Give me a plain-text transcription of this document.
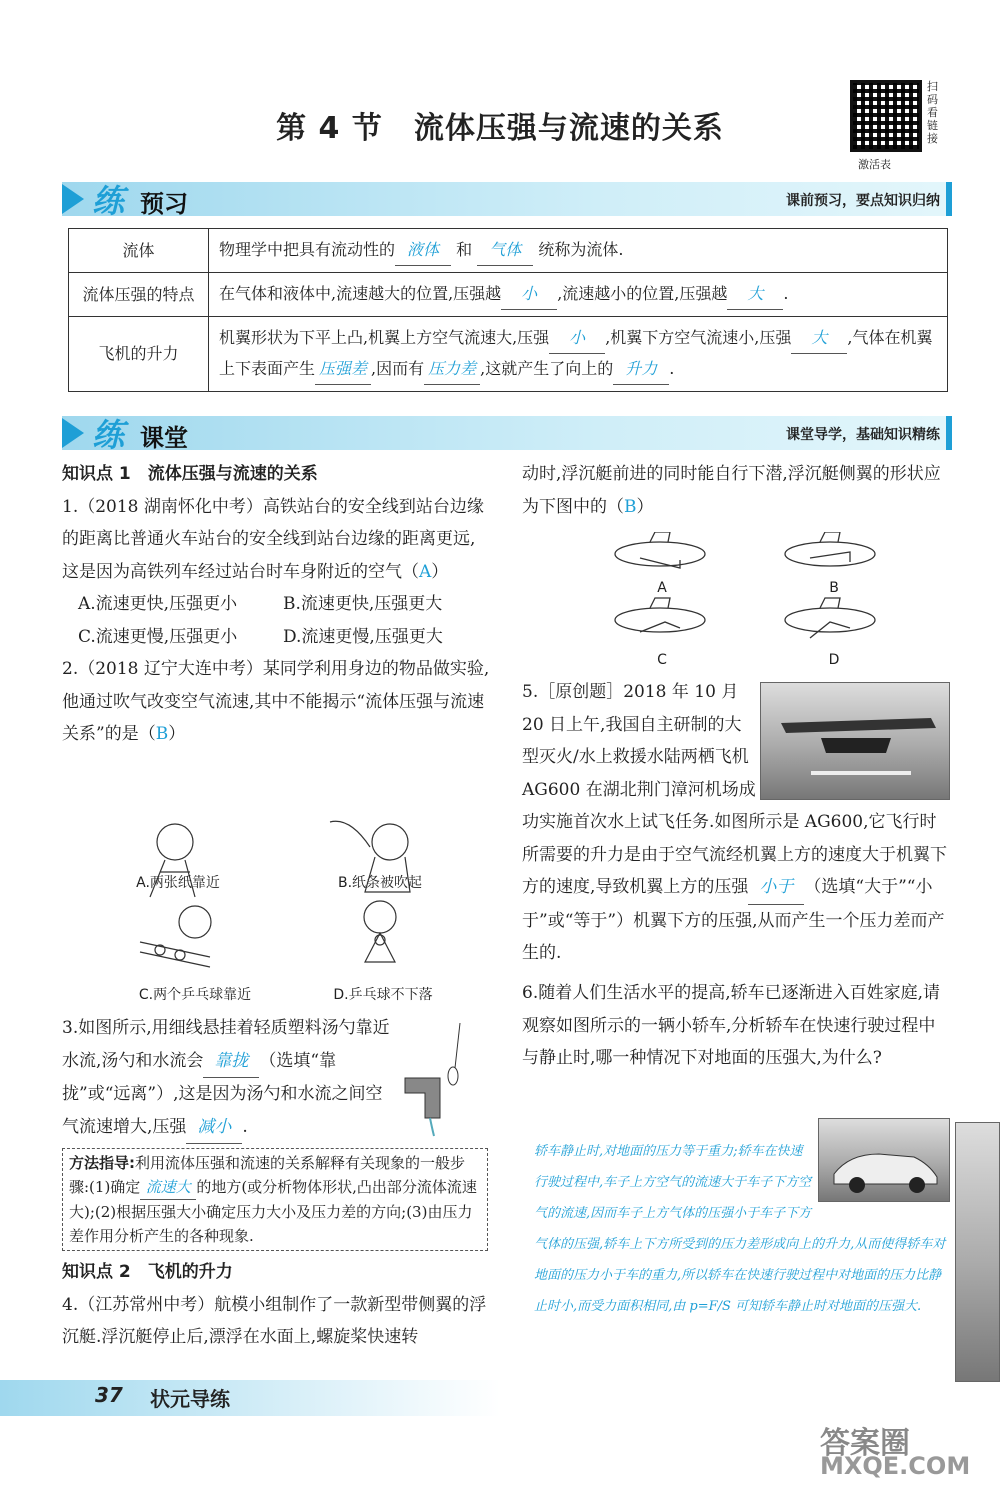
第 4 节　流体压强与流速的关系
扫码看链接
激活表
练 预习	课前预习，要点知识归纳
流体	物理学中把具有流动性的 液体 和 气体 统称为流体.
流体压强的特点	在气体和液体中,流速越大的位置,压强越 小 ,流速越小的位置,压强越 大 .
飞机的升力	机翼形状为下平上凸,机翼上方空气流速大,压强 小 ,机翼下方空气流速小,压强 大 ,气体在机翼上下表面产生 压强差 ,因而有 压力差 ,这就产生了向上的 升力 .
练 课堂	课堂导学，基础知识精练
知识点 1　流体压强与流速的关系
1.（2018 湖南怀化中考）高铁站台的安全线到站台边缘的距离比普通火车站台的安全线到站台边缘的距离更远,这是因为高铁列车经过站台时车身附近的空气（A）
A.流速更快,压强更小	B.流速更快,压强更大
C.流速更慢,压强更小	D.流速更慢,压强更大
2.（2018 辽宁大连中考）某同学利用身边的物品做实验,他通过吹气改变空气流速,其中不能揭示“流体压强与流速关系”的是（B）
A.两张纸靠近	B.纸条被吹起
C.两个乒乓球靠近	D.乒乓球不下落
3.如图所示,用细线悬挂着轻质塑料汤勺靠近水流,汤勺和水流会 靠拢 （选填“靠拢”或“远离”）,这是因为汤勺和水流之间空气流速增大,压强 减小 .
方法指导:利用流体压强和流速的关系解释有关现象的一般步骤:(1)确定 流速大 的地方(或分析物体形状,凸出部分流体流速大);(2)根据压强大小确定压力大小及压力差的方向;(3)由压力差作用分析产生的各种现象.
知识点 2　飞机的升力
4.（江苏常州中考）航模小组制作了一款新型带侧翼的浮沉艇.浮沉艇停止后,漂浮在水面上,螺旋桨快速转
动时,浮沉艇前进的同时能自行下潜,浮沉艇侧翼的形状应为下图中的（B）
A	B
C	D
5.［原创题］2018 年 10 月 20 日上午,我国自主研制的大型灭火/水上救援水陆两栖飞机 AG600 在湖北荆门漳河机场成功实施首次水上试飞任务.如图所示是 AG600,它飞行时所需要的升力是由于空气流经机翼上方的速度大于机翼下方的速度,导致机翼上方的压强 小于 （选填“大于”“小于”或“等于”）机翼下方的压强,从而产生一个压力差而产生的.
6.随着人们生活水平的提高,轿车已逐渐进入百姓家庭,请观察如图所示的一辆小轿车,分析轿车在快速行驶过程中与静止时,哪一种情况下对地面的压强大,为什么?
轿车静止时,对地面的压力等于重力;轿车在快速行驶过程中,车子上方空气的流速大于车子下方空气的流速,因而车子上方气体的压强小于车子下方气体的压强,轿车上下方所受到的压力差形成向上的升力,从而使得轿车对地面的压力小于车的重力,所以轿车在快速行驶过程中对地面的压力比静止时小,而受力面积相同,由 p=F/S 可知轿车静止时对地面的压强大.
37 状元导练
答案圈
MXQE.COM
